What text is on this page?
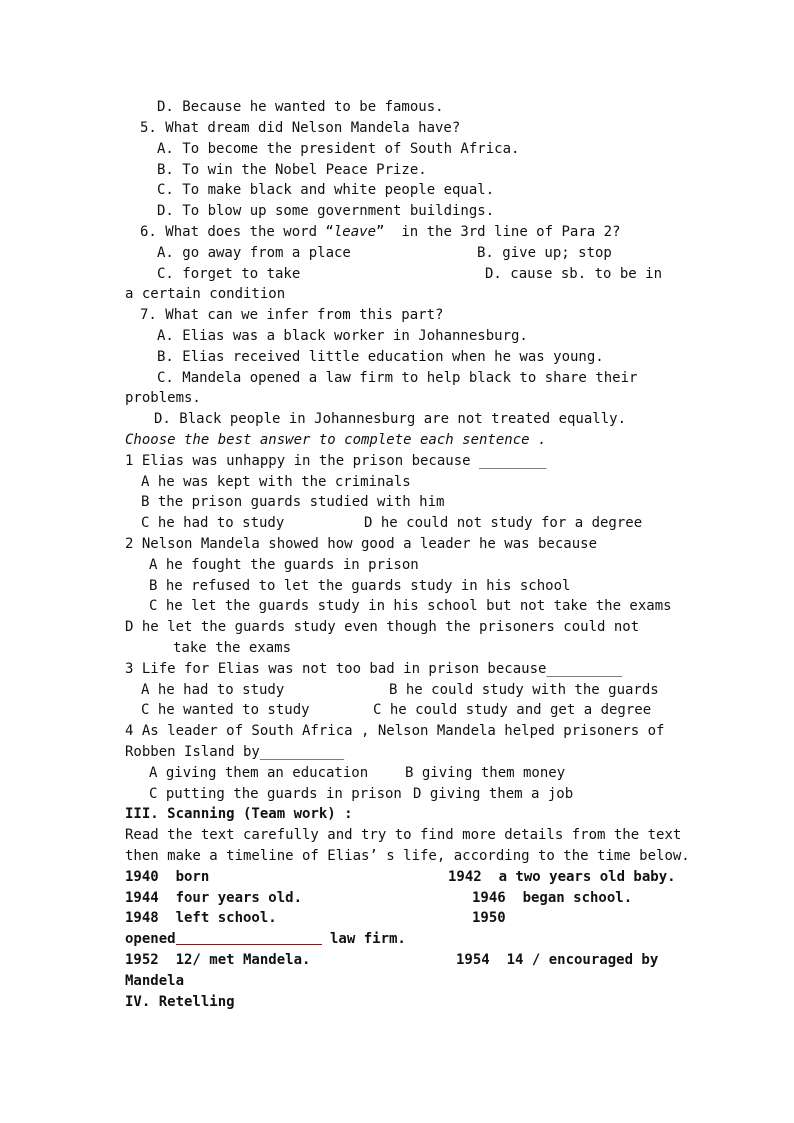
D. Because he wanted to be famous.
5. What dream did Nelson Mandela have?
A. To become the president of South Africa.
B. To win the Nobel Peace Prize.
C. To make black and white people equal.
D. To blow up some government buildings.
6. What does the word “leave”  in the 3rd line of Para 2?
A. go away from a place	B. give up; stop
C. forget to take	D. cause sb. to be in
a certain condition
7. What can we infer from this part?
A. Elias was a black worker in Johannesburg.
B. Elias received little education when he was young.
C. Mandela opened a law firm to help black to share their
problems.
D. Black people in Johannesburg are not treated equally.
Choose the best answer to complete each sentence .
1 Elias was unhappy in the prison because ________
A he was kept with the criminals
B the prison guards studied with him
C he had to study	D he could not study for a degree
2 Nelson Mandela showed how good a leader he was because
A he fought the guards in prison
B he refused to let the guards study in his school
C he let the guards study in his school but not take the exams
D he let the guards study even though the prisoners could not
take the exams
3 Life for Elias was not too bad in prison because_________
A he had to study	B he could study with the guards
C he wanted to study	C he could study and get a degree
4 As leader of South Africa , Nelson Mandela helped prisoners of
Robben Island by__________
A giving them an education	B giving them money
C putting the guards in prison D giving them a job
III. Scanning (Team work) :
Read the text carefully and try to find more details from the text
then make a timeline of Elias’ s life, according to the time below.
1940  born	1942  a two years old baby.
1944  four years old.	1946  began school.
1948  left school.	1950
opened	law firm.
1952  12/ met Mandela.	1954  14 / encouraged by
Mandela
IV. Retelling
